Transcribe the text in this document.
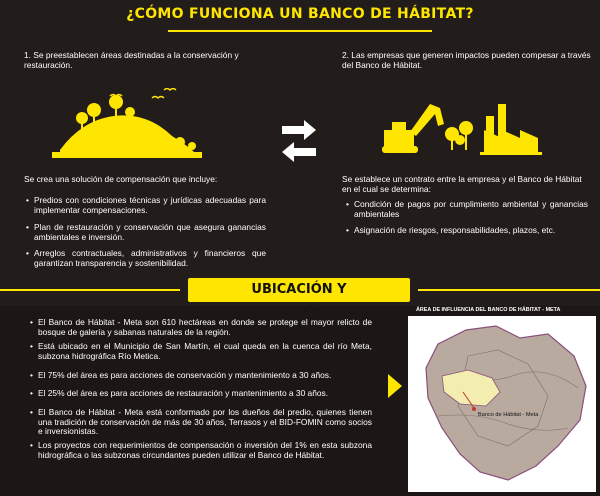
¿CÓMO FUNCIONA UN BANCO DE HÁBITAT?
1. Se preestablecen áreas destinadas a la conservación y restauración.
Se crea una solución de compensación que incluye:
• Predios con condiciones técnicas y jurídicas adecuadas para implementar compensaciones.
• Plan de restauración y conservación que asegura ganancias ambientales e inversión.
• Arreglos contractuales, administrativos y financieros que garantizan transparencia y sostenibilidad.
2. Las empresas que generen impactos pueden compesar a través del Banco de Hábitat.
Se establece un contrato entre la empresa y el Banco de Hábitat en el cual se determina:
• Condición de pagos por cumplimiento ambiental y ganancias ambientales
• Asignación de riesgos, responsabilidades, plazos, etc.
UBICACIÓN Y
• El Banco de Hábitat - Meta son 610 hectáreas en donde se protege el mayor relicto de bosque de galería y sabanas naturales de la región.
• Está ubicado en el Municipio de San Martín, el cual queda en la cuenca del río Meta, subzona hidrográfica Río Metica.
• El 75% del área es para acciones de conservación y mantenimiento a 30 años.
• El 25% del área es para acciones de restauración y mantenimiento a 30 años.
• El Banco de Hábitat - Meta está conformado por los dueños del predio, quienes tienen una tradición de conservación de más de 30 años, Terrasos y el BID-FOMIN como socios e inversionistas.
• Los proyectos con requerimientos de compensación o inversión del 1% en esta subzona hidrográfica o las subzonas circundantes pueden utilizar el Banco de Hábitat.
ÁREA DE INFLUENCIA DEL BANCO DE HÁBITAT - META
Banco de Hábitat - Meta
